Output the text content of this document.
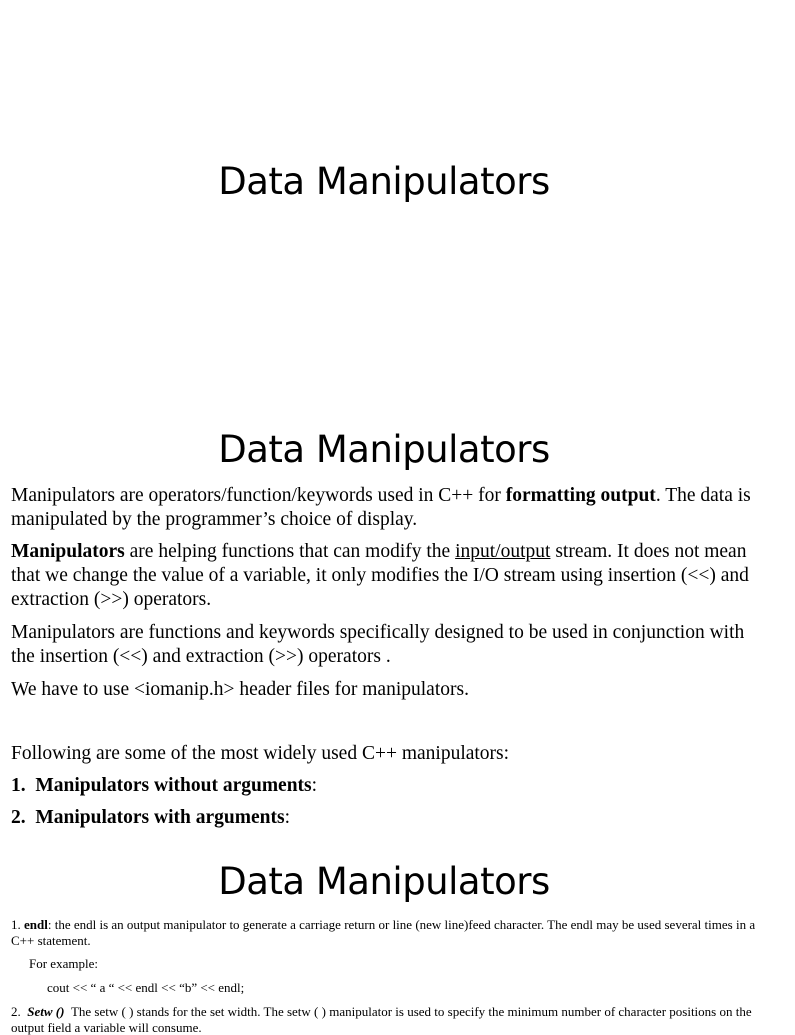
Data Manipulators
Data Manipulators

Manipulators are operators/function/keywords used in C++ for formatting output. The data is manipulated by the programmer’s choice of display.

Manipulators are helping functions that can modify the input/output stream. It does not mean that we change the value of a variable, it only modifies the I/O stream using insertion (<<) and extraction (>>) operators.

Manipulators are functions and keywords specifically designed to be used in conjunction with the insertion (<<) and extraction (>>) operators .

We have to use <iomanip.h> header files for manipulators.

Following are some of the most widely used C++ manipulators:

1. Manipulators without arguments:

2. Manipulators with arguments:

Data Manipulators

1. endl: the endl is an output manipulator to generate a carriage return or line (new line)feed character. The endl may be used several times in a C++ statement.

For example:

cout << “ a “ << endl << “b” << endl;

2. Setw () The setw ( ) stands for the set width. The setw ( ) manipulator is used to specify the minimum number of character positions on the output field a variable will consume.
